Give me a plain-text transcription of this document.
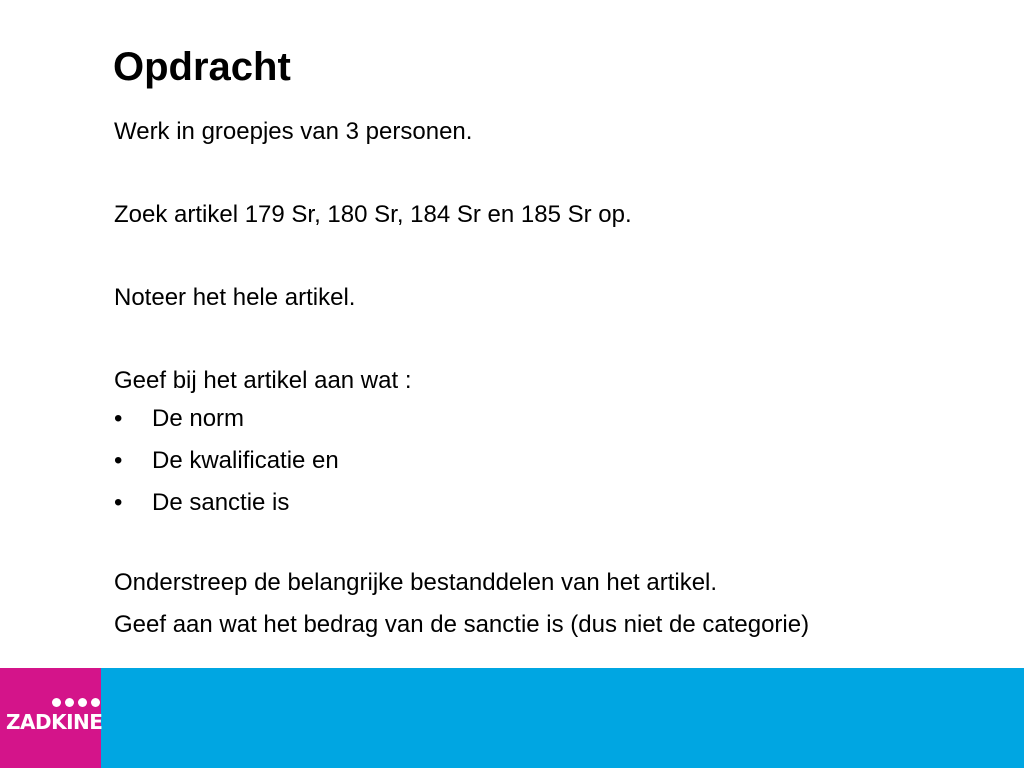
Opdracht

Werk in groepjes van 3 personen.

Zoek artikel 179 Sr, 180 Sr, 184 Sr en 185 Sr op.

Noteer het hele artikel.

Geef bij het artikel aan wat :

• De norm
• De kwalificatie en
• De sanctie is

Onderstreep de belangrijke bestanddelen van het artikel.

Geef aan wat het bedrag van de sanctie is (dus niet de categorie)

ZADKINE
